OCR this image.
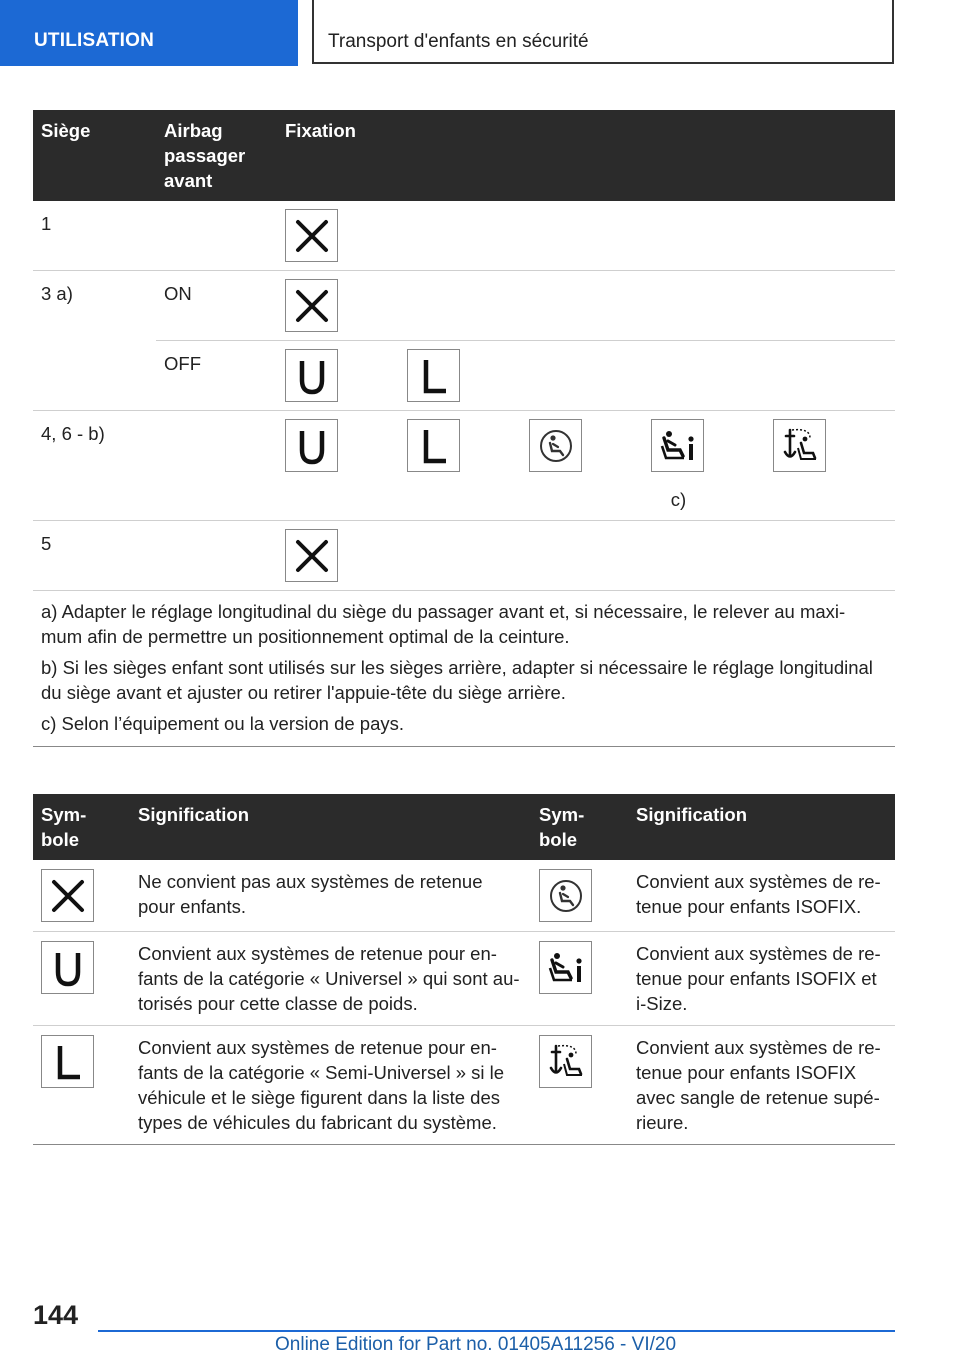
UTILISATION	Transport d'enfants en sécurité
Siège	Airbag passager avant	Fixation
1		

3 a)	ON	

	OFF	

4, 6 - b)		c)

5		

a) Adapter le réglage longitudinal du siège du passager avant et, si nécessaire, le relever au maxi- mum afin de permettre un positionnement optimal de la ceinture.

b) Si les sièges enfant sont utilisés sur les sièges arrière, adapter si nécessaire le réglage longitudinal du siège avant et ajuster ou retirer l'appuie-tête du siège arrière.

c) Selon l’équipement ou la version de pays.		

Sym- bole	Signification	Sym- bole	Signification

	Ne convient pas aux systèmes de retenue pour enfants.		Convient aux systèmes de re- tenue pour enfants ISOFIX.

	Convient aux systèmes de retenue pour en- fants de la catégorie « Universel » qui sont au- torisés pour cette classe de poids.		Convient aux systèmes de re- tenue pour enfants ISOFIX et i-Size.

	Convient aux systèmes de retenue pour en- fants de la catégorie « Semi-Universel » si le véhicule et le siège figurent dans la liste des types de véhicules du fabricant du système.		Convient aux systèmes de re- tenue pour enfants ISOFIX avec sangle de retenue supé- rieure.
144
Online Edition for Part no. 01405A11256 - VI/20
